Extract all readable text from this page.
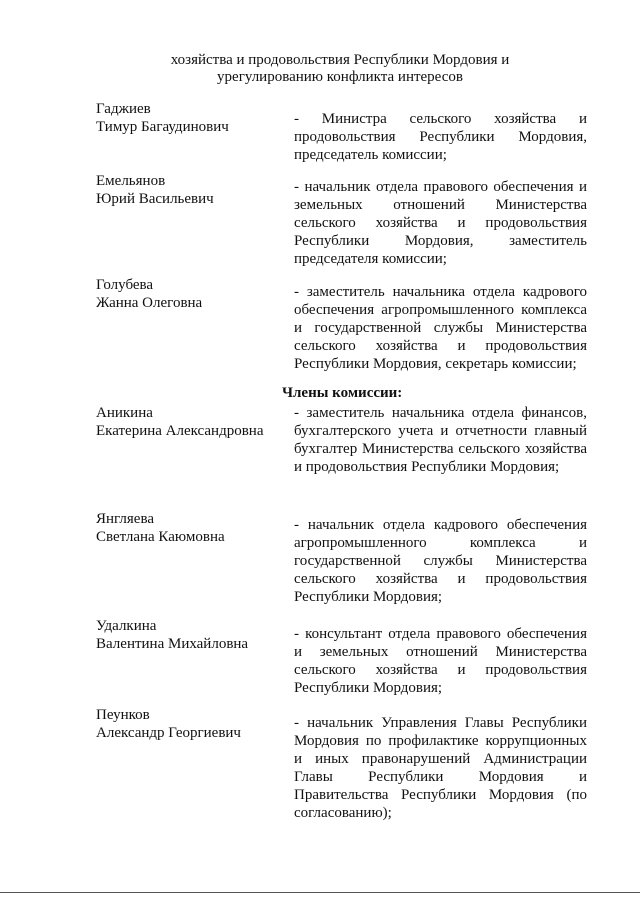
хозяйства и продовольствия Республики Мордовия и
урегулированию конфликта интересов
Гаджиев
Тимур Багаудинович	- Министра сельского хозяйства и продовольствия Республики Мордовия, председатель комиссии;
Емельянов
Юрий Васильевич
- начальник отдела правового обеспечения и земельных отношений Министерства сельского хозяйства и продовольствия Республики Мордовия, заместитель председателя комиссии;
Голубева
Жанна Олеговна
- заместитель начальника отдела кадрового обеспечения агропромышленного комплекса и государственной службы Министерства сельского хозяйства и продовольствия Республики Мордовия, секретарь комиссии;
Члены комиссии:
Аникина
Екатерина Александровна
- заместитель начальника отдела финансов, бухгалтерского учета и отчетности главный бухгалтер Министерства сельского хозяйства и продовольствия Республики Мордовия;
Янгляева
Светлана Каюмовна
- начальник отдела кадрового обеспечения агропромышленного комплекса и государственной службы Министерства сельского хозяйства и продовольствия Республики Мордовия;
Удалкина
Валентина Михайловна
- консультант отдела правового обеспечения и земельных отношений Министерства сельского хозяйства и продовольствия Республики Мордовия;
Пеунков
Александр Георгиевич
- начальник Управления Главы Республики Мордовия по профилактике коррупционных и иных правонарушений Администрации Главы Республики Мордовия и Правительства Республики Мордовия (по согласованию);
